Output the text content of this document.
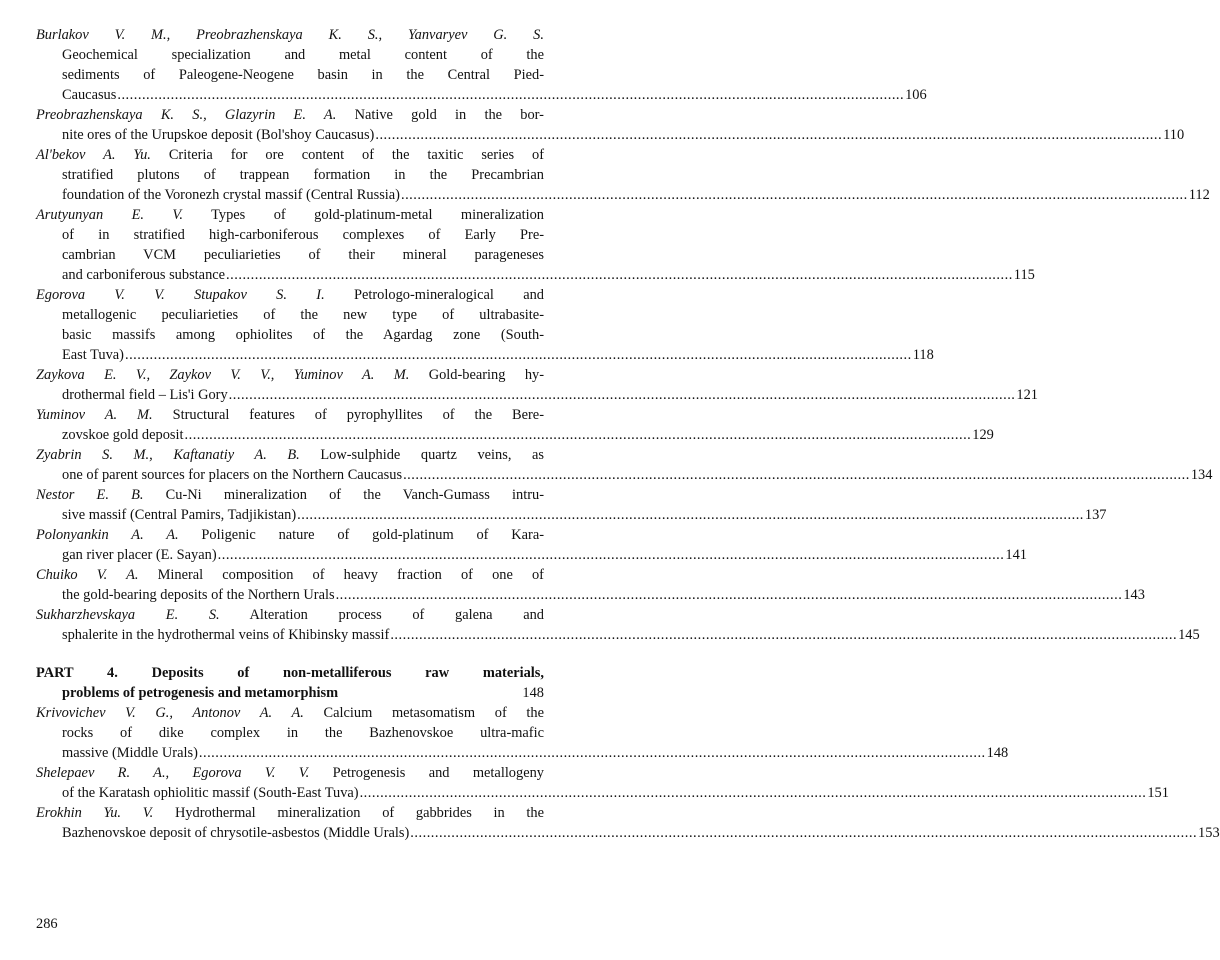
Burlakov V. M., Preobrazhenskaya K. S., Yanvaryev G. S.
Geochemical specialization and metal content of the
sediments of Paleogene-Neogene basin in the Central Pied-
Caucasus .....	106
Preobrazhenskaya K. S., Glazyrin E. A. Native gold in the bor-
nite ores of the Urupskoe deposit (Bol'shoy Caucasus) .....	110
Al'bekov A. Yu. Criteria for ore content of the taxitic series of
stratified plutons of trappean formation in the Precambrian
foundation of the Voronezh crystal massif (Central Russia) .....	112
Arutyunyan E. V. Types of gold-platinum-metal mineralization
of in stratified high-carboniferous complexes of Early Pre-
cambrian VCM peculiarieties of their mineral parageneses
and carboniferous substance .....	115
Egorova V. V. Stupakov S. I. Petrologo-mineralogical and
metallogenic peculiarieties of the new type of ultrabasite-
basic massifs among ophiolites of the Agardag zone (South-
East Tuva) .....	118
Zaykova E. V., Zaykov V. V., Yuminov A. M. Gold-bearing hy-
drothermal field – Lis'i Gory .....	121
Yuminov A. M. Structural features of pyrophyllites of the Bere-
zovskoe gold deposit .....	129
Zyabrin S. M., Kaftanatiy A. B. Low-sulphide quartz veins, as
one of parent sources for placers on the Northern Caucasus .....	134
Nestor E. B. Cu-Ni mineralization of the Vanch-Gumass intru-
sive massif (Central Pamirs, Tadjikistan) .....	137
Polonyankin A. A. Poligenic nature of gold-platinum of Kara-
gan river placer (E. Sayan) .....	141
Chuiko V. A. Mineral composition of heavy fraction of one of
the gold-bearing deposits of the Northern Urals .....	143
Sukharzhevskaya E. S. Alteration process of galena and
sphalerite in the hydrothermal veins of Khibinsky massif .....	145
PART 4. Deposits of non-metalliferous raw materials,
problems of petrogenesis and metamorphism	148
Krivovichev V. G., Antonov A. A. Calcium metasomatism of the
rocks of dike complex in the Bazhenovskoe ultra-mafic
massive (Middle Urals) .....	148
Shelepaev R. A., Egorova V. V. Petrogenesis and metallogeny
of the Karatash ophiolitic massif (South-East Tuva) .....	151
Erokhin Yu. V. Hydrothermal mineralization of gabbrides in the
Bazhenovskoe deposit of chrysotile-asbestos (Middle Urals) .....	153
286
